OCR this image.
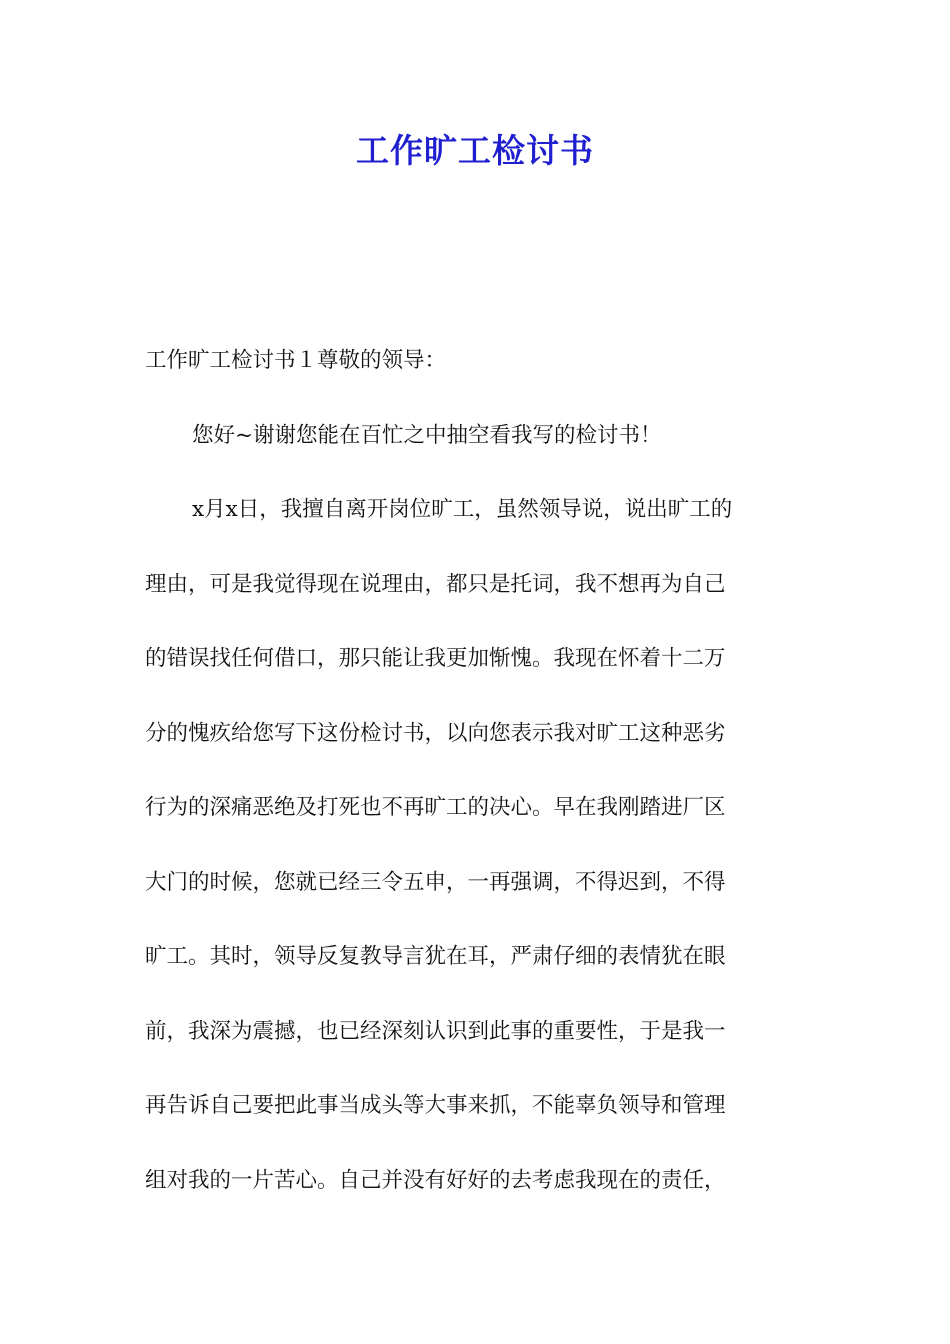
工作旷工检讨书
工作旷工检讨书１尊敬的领导：
您好~谢谢您能在百忙之中抽空看我写的检讨书！
x月x日，我擅自离开岗位旷工，虽然领导说，说出旷工的
理由，可是我觉得现在说理由，都只是托词，我不想再为自己
的错误找任何借口，那只能让我更加惭愧。我现在怀着十二万
分的愧疚给您写下这份检讨书，以向您表示我对旷工这种恶劣
行为的深痛恶绝及打死也不再旷工的决心。早在我刚踏进厂区
大门的时候，您就已经三令五申，一再强调，不得迟到，不得
旷工。其时，领导反复教导言犹在耳，严肃仔细的表情犹在眼
前，我深为震撼，也已经深刻认识到此事的重要性，于是我一
再告诉自己要把此事当成头等大事来抓，不能辜负领导和管理
组对我的一片苦心。自己并没有好好的去考虑我现在的责任，
